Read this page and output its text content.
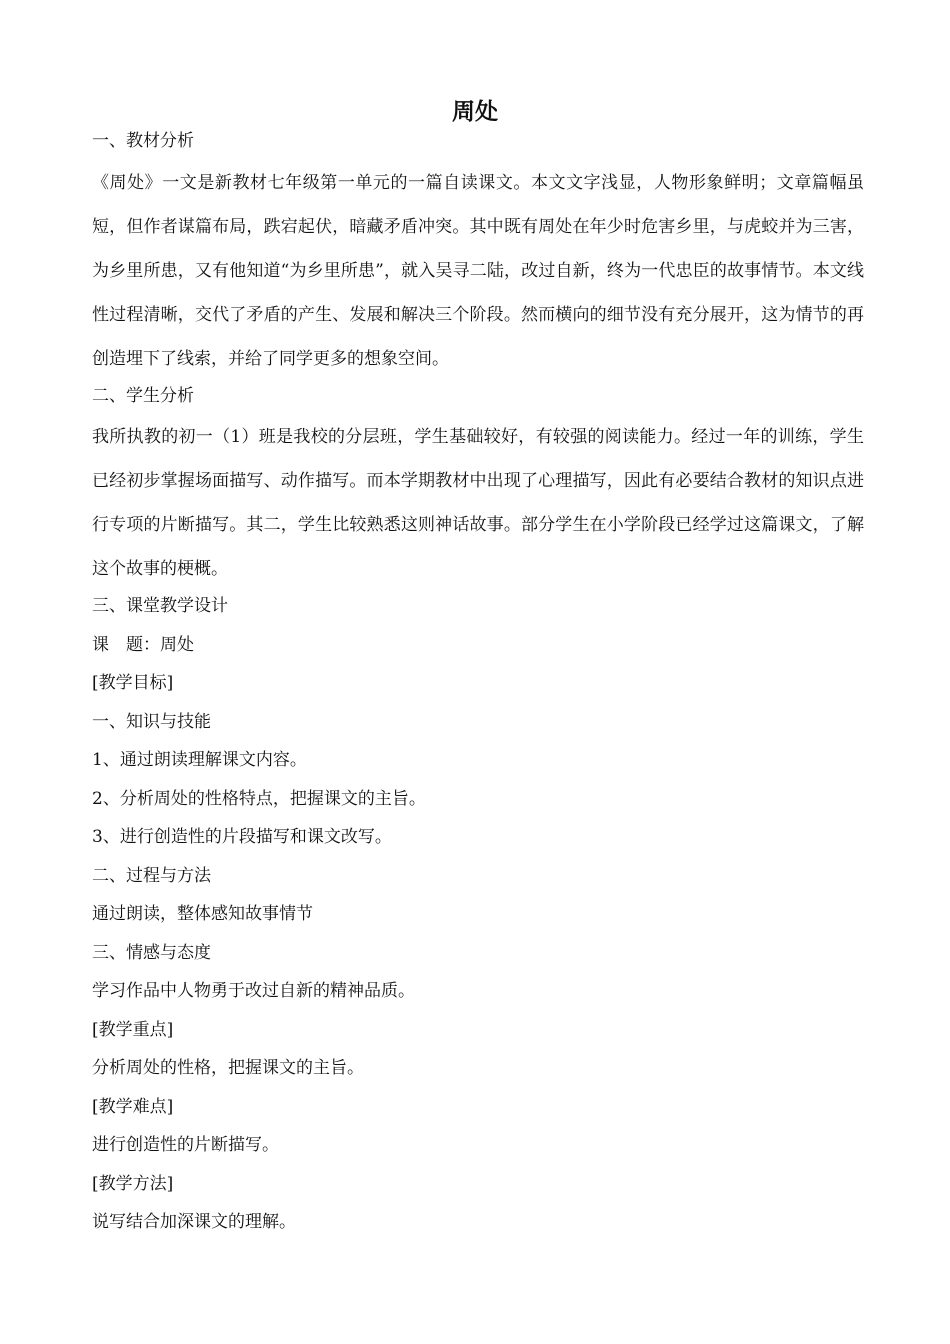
周处

一、教材分析

《周处》一文是新教材七年级第一单元的一篇自读课文。本文文字浅显，人物形象鲜明；文章篇幅虽短，但作者谋篇布局，跌宕起伏，暗藏矛盾冲突。其中既有周处在年少时危害乡里，与虎蛟并为三害，为乡里所患，又有他知道“为乡里所患”，就入吴寻二陆，改过自新，终为一代忠臣的故事情节。本文线性过程清晰，交代了矛盾的产生、发展和解决三个阶段。然而横向的细节没有充分展开，这为情节的再创造埋下了线索，并给了同学更多的想象空间。

二、学生分析

我所执教的初一（1）班是我校的分层班，学生基础较好，有较强的阅读能力。经过一年的训练，学生已经初步掌握场面描写、动作描写。而本学期教材中出现了心理描写，因此有必要结合教材的知识点进行专项的片断描写。其二，学生比较熟悉这则神话故事。部分学生在小学阶段已经学过这篇课文，了解这个故事的梗概。

三、课堂教学设计

课　题：周处

[教学目标]

一、知识与技能

1、通过朗读理解课文内容。

2、分析周处的性格特点，把握课文的主旨。

3、进行创造性的片段描写和课文改写。

二、过程与方法

通过朗读，整体感知故事情节

三、情感与态度

学习作品中人物勇于改过自新的精神品质。

[教学重点]

分析周处的性格，把握课文的主旨。

[教学难点]

进行创造性的片断描写。

[教学方法]

说写结合加深课文的理解。
